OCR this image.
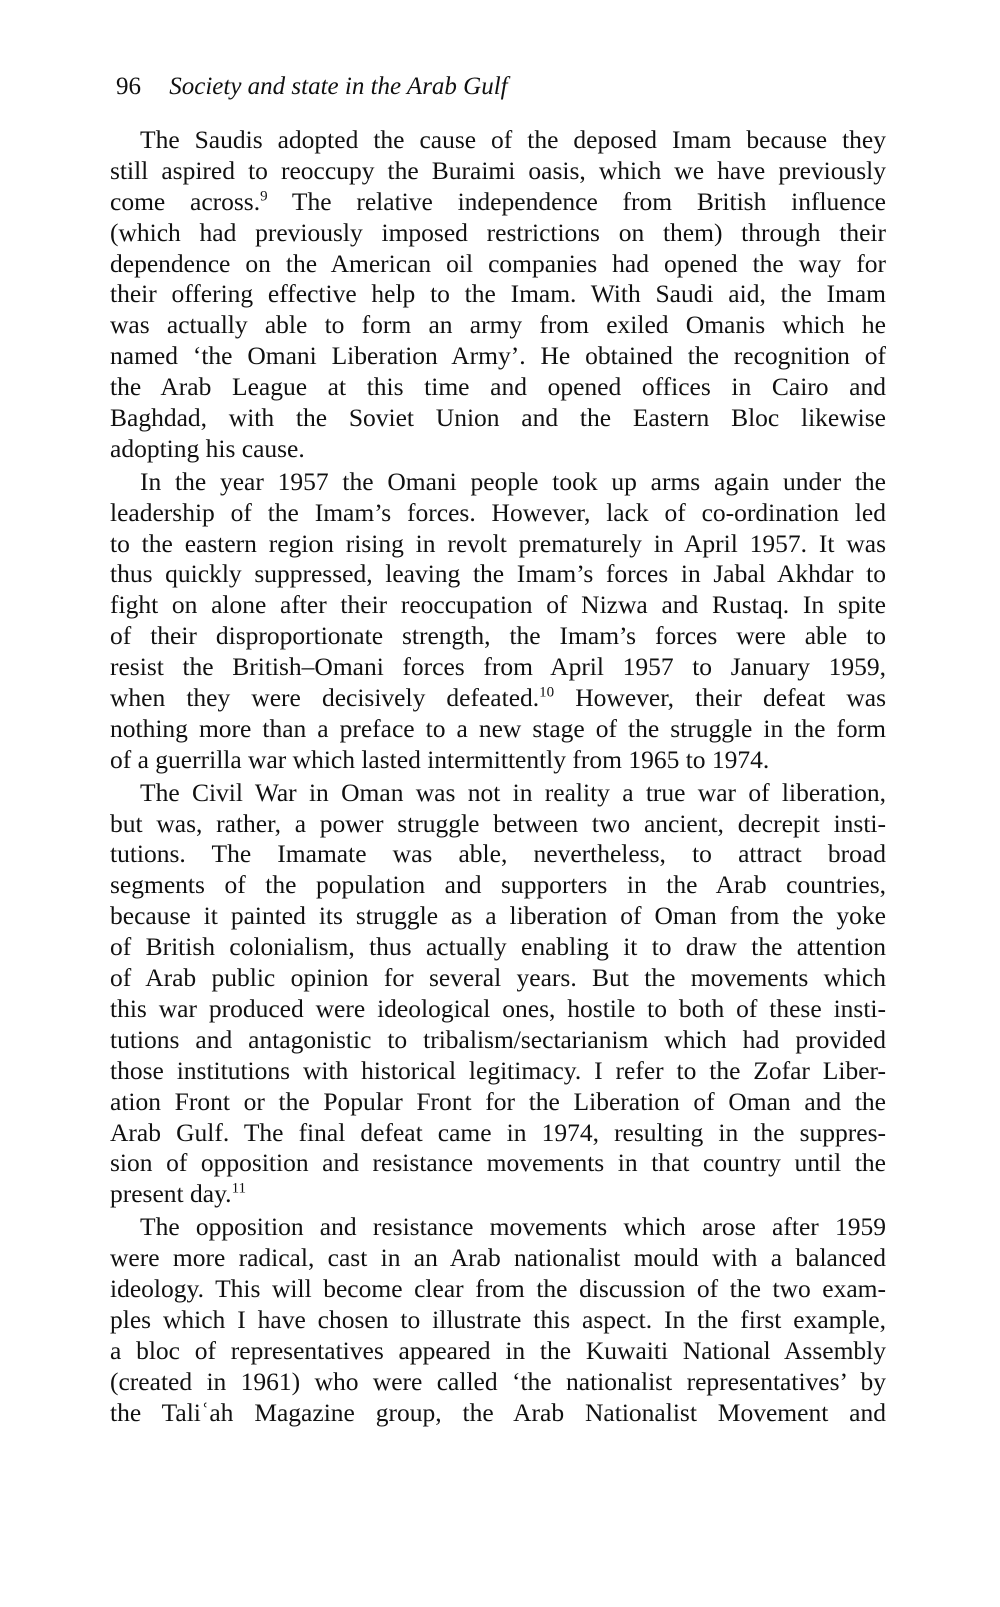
96 Society and state in the Arab Gulf
The Saudis adopted the cause of the deposed Imam because they
still aspired to reoccupy the Buraimi oasis, which we have previously
come across.$^9$ The relative independence from British influence
(which had previously imposed restrictions on them) through their
dependence on the American oil companies had opened the way for
their offering effective help to the Imam. With Saudi aid, the Imam
was actually able to form an army from exiled Omanis which he
named ‘the Omani Liberation Army’. He obtained the recognition of
the Arab League at this time and opened offices in Cairo and
Baghdad, with the Soviet Union and the Eastern Bloc likewise
adopting his cause.
In the year 1957 the Omani people took up arms again under the
leadership of the Imam’s forces. However, lack of co-ordination led
to the eastern region rising in revolt prematurely in April 1957. It was
thus quickly suppressed, leaving the Imam’s forces in Jabal Akhdar to
fight on alone after their reoccupation of Nizwa and Rustaq. In spite
of their disproportionate strength, the Imam’s forces were able to
resist the British–Omani forces from April 1957 to January 1959,
when they were decisively defeated.$^{10}$ However, their defeat was
nothing more than a preface to a new stage of the struggle in the form
of a guerrilla war which lasted intermittently from 1965 to 1974.
The Civil War in Oman was not in reality a true war of liberation,
but was, rather, a power struggle between two ancient, decrepit insti-
tutions. The Imamate was able, nevertheless, to attract broad
segments of the population and supporters in the Arab countries,
because it painted its struggle as a liberation of Oman from the yoke
of British colonialism, thus actually enabling it to draw the attention
of Arab public opinion for several years. But the movements which
this war produced were ideological ones, hostile to both of these insti-
tutions and antagonistic to tribalism/sectarianism which had provided
those institutions with historical legitimacy. I refer to the Zofar Liber-
ation Front or the Popular Front for the Liberation of Oman and the
Arab Gulf. The final defeat came in 1974, resulting in the suppres-
sion of opposition and resistance movements in that country until the
present day.$^{11}$
The opposition and resistance movements which arose after 1959
were more radical, cast in an Arab nationalist mould with a balanced
ideology. This will become clear from the discussion of the two exam-
ples which I have chosen to illustrate this aspect. In the first example,
a bloc of representatives appeared in the Kuwaiti National Assembly
(created in 1961) who were called ‘the nationalist representatives’ by
the Taliʿah Magazine group, the Arab Nationalist Movement and
